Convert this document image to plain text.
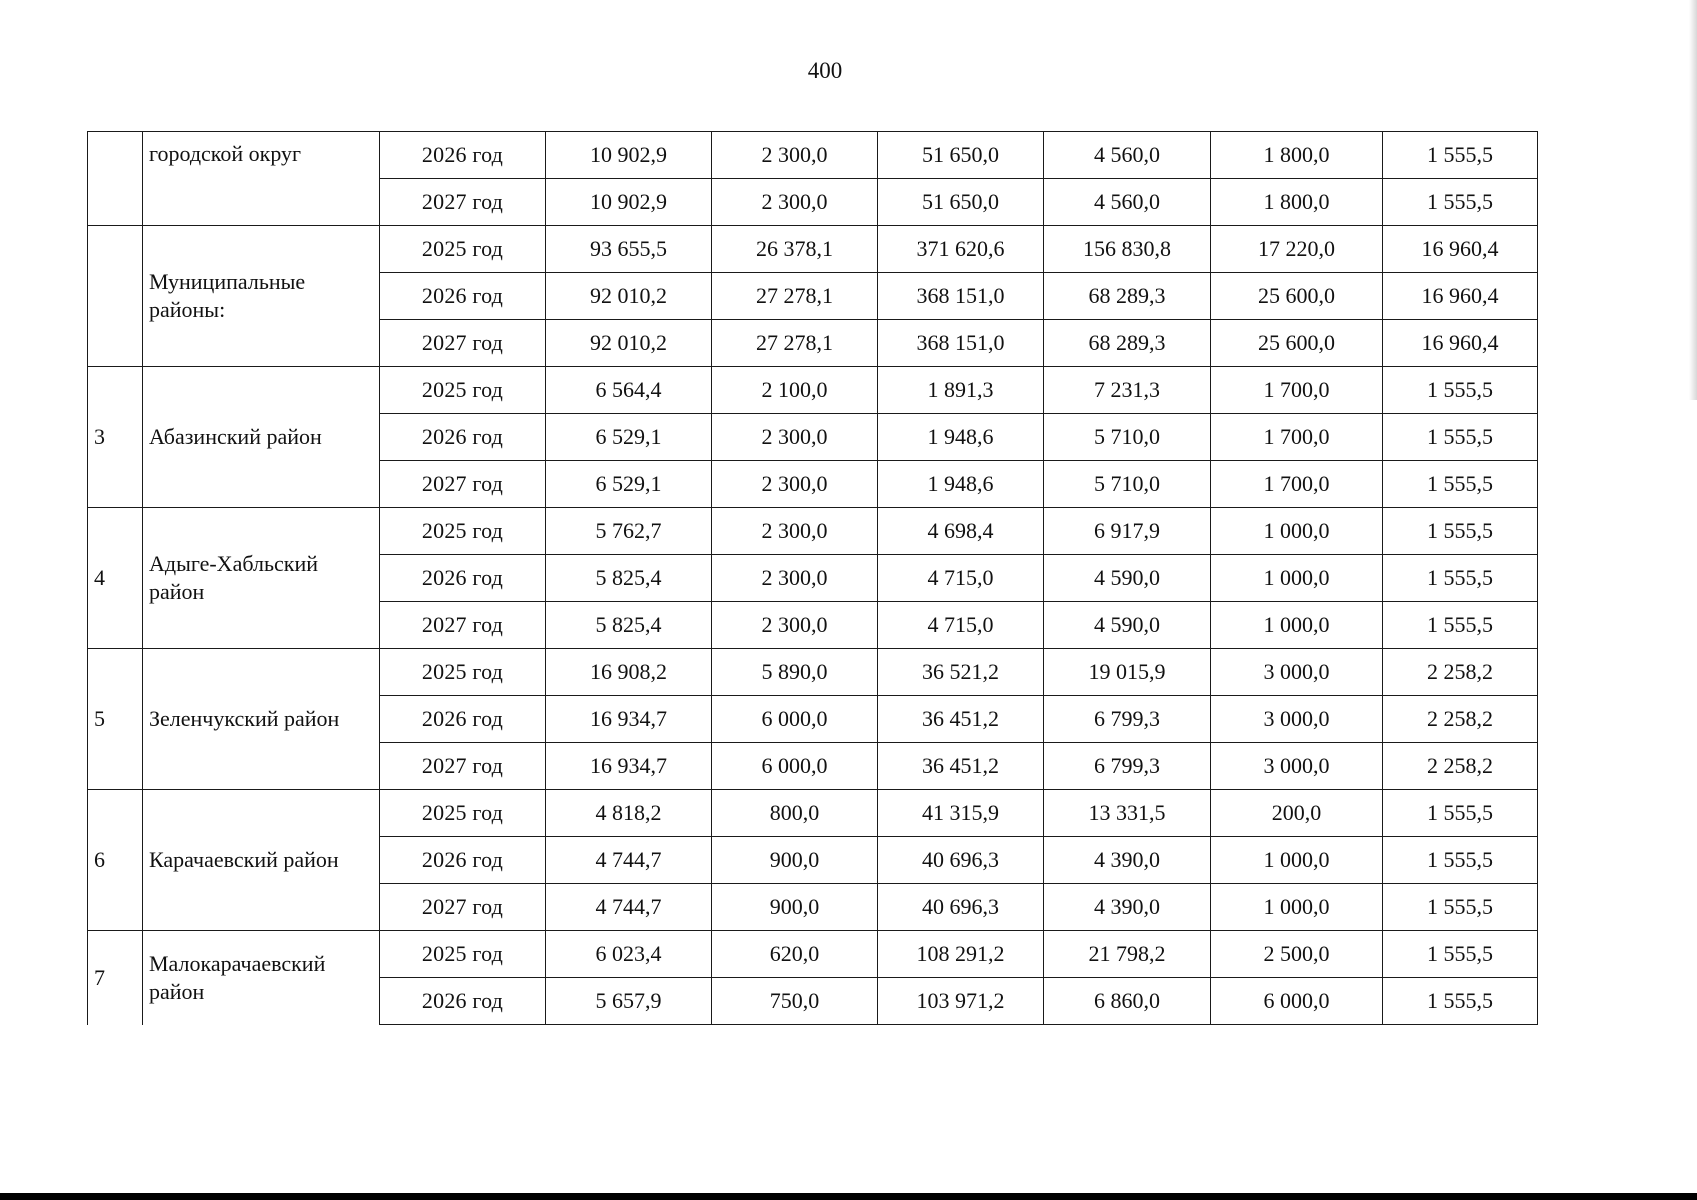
400
	городской округ	2026 год	10 902,9	2 300,0	51 650,0	4 560,0	1 800,0	1 555,5
		2027 год	10 902,9	2 300,0	51 650,0	4 560,0	1 800,0	1 555,5
	Муниципальные районы:	2025 год	93 655,5	26 378,1	371 620,6	156 830,8	17 220,0	16 960,4
		2026 год	92 010,2	27 278,1	368 151,0	68 289,3	25 600,0	16 960,4
		2027 год	92 010,2	27 278,1	368 151,0	68 289,3	25 600,0	16 960,4
3	Абазинский район	2025 год	6 564,4	2 100,0	1 891,3	7 231,3	1 700,0	1 555,5
		2026 год	6 529,1	2 300,0	1 948,6	5 710,0	1 700,0	1 555,5
		2027 год	6 529,1	2 300,0	1 948,6	5 710,0	1 700,0	1 555,5
4	Адыге-Хабльский район	2025 год	5 762,7	2 300,0	4 698,4	6 917,9	1 000,0	1 555,5
		2026 год	5 825,4	2 300,0	4 715,0	4 590,0	1 000,0	1 555,5
		2027 год	5 825,4	2 300,0	4 715,0	4 590,0	1 000,0	1 555,5
5	Зеленчукский район	2025 год	16 908,2	5 890,0	36 521,2	19 015,9	3 000,0	2 258,2
		2026 год	16 934,7	6 000,0	36 451,2	6 799,3	3 000,0	2 258,2
		2027 год	16 934,7	6 000,0	36 451,2	6 799,3	3 000,0	2 258,2
6	Карачаевский район	2025 год	4 818,2	800,0	41 315,9	13 331,5	200,0	1 555,5
		2026 год	4 744,7	900,0	40 696,3	4 390,0	1 000,0	1 555,5
		2027 год	4 744,7	900,0	40 696,3	4 390,0	1 000,0	1 555,5
7	Малокарачаевский район	2025 год	6 023,4	620,0	108 291,2	21 798,2	2 500,0	1 555,5
		2026 год	5 657,9	750,0	103 971,2	6 860,0	6 000,0	1 555,5
